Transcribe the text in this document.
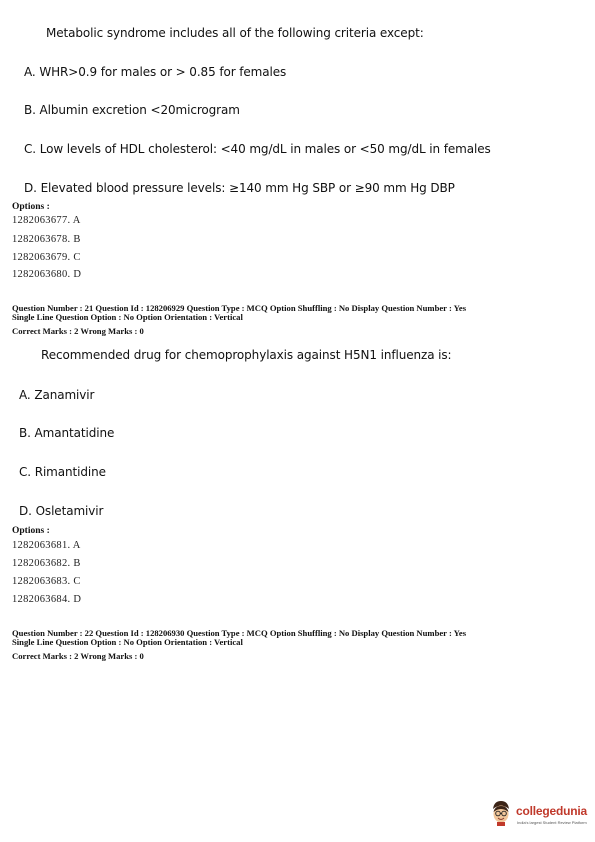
Metabolic syndrome includes all of the following criteria except:
A. WHR>0.9 for males or > 0.85 for females
B. Albumin excretion <20microgram
C. Low levels of HDL cholesterol: <40 mg/dL in males or <50 mg/dL in females
D. Elevated blood pressure levels: ≥140 mm Hg SBP or ≥90 mm Hg DBP
Options :
1282063677. A
1282063678. B
1282063679. C
1282063680. D
Question Number : 21 Question Id : 128206929 Question Type : MCQ Option Shuffling : No Display Question Number : Yes
Single Line Question Option : No Option Orientation : Vertical
Correct Marks : 2 Wrong Marks : 0
Recommended drug for chemoprophylaxis against H5N1 influenza is:
A. Zanamivir
B. Amantatidine
C. Rimantidine
D. Osletamivir
Options :
1282063681. A
1282063682. B
1282063683. C
1282063684. D
Question Number : 22 Question Id : 128206930 Question Type : MCQ Option Shuffling : No Display Question Number : Yes
Single Line Question Option : No Option Orientation : Vertical
Correct Marks : 2 Wrong Marks : 0
collegedunia
India's largest Student Review Platform
